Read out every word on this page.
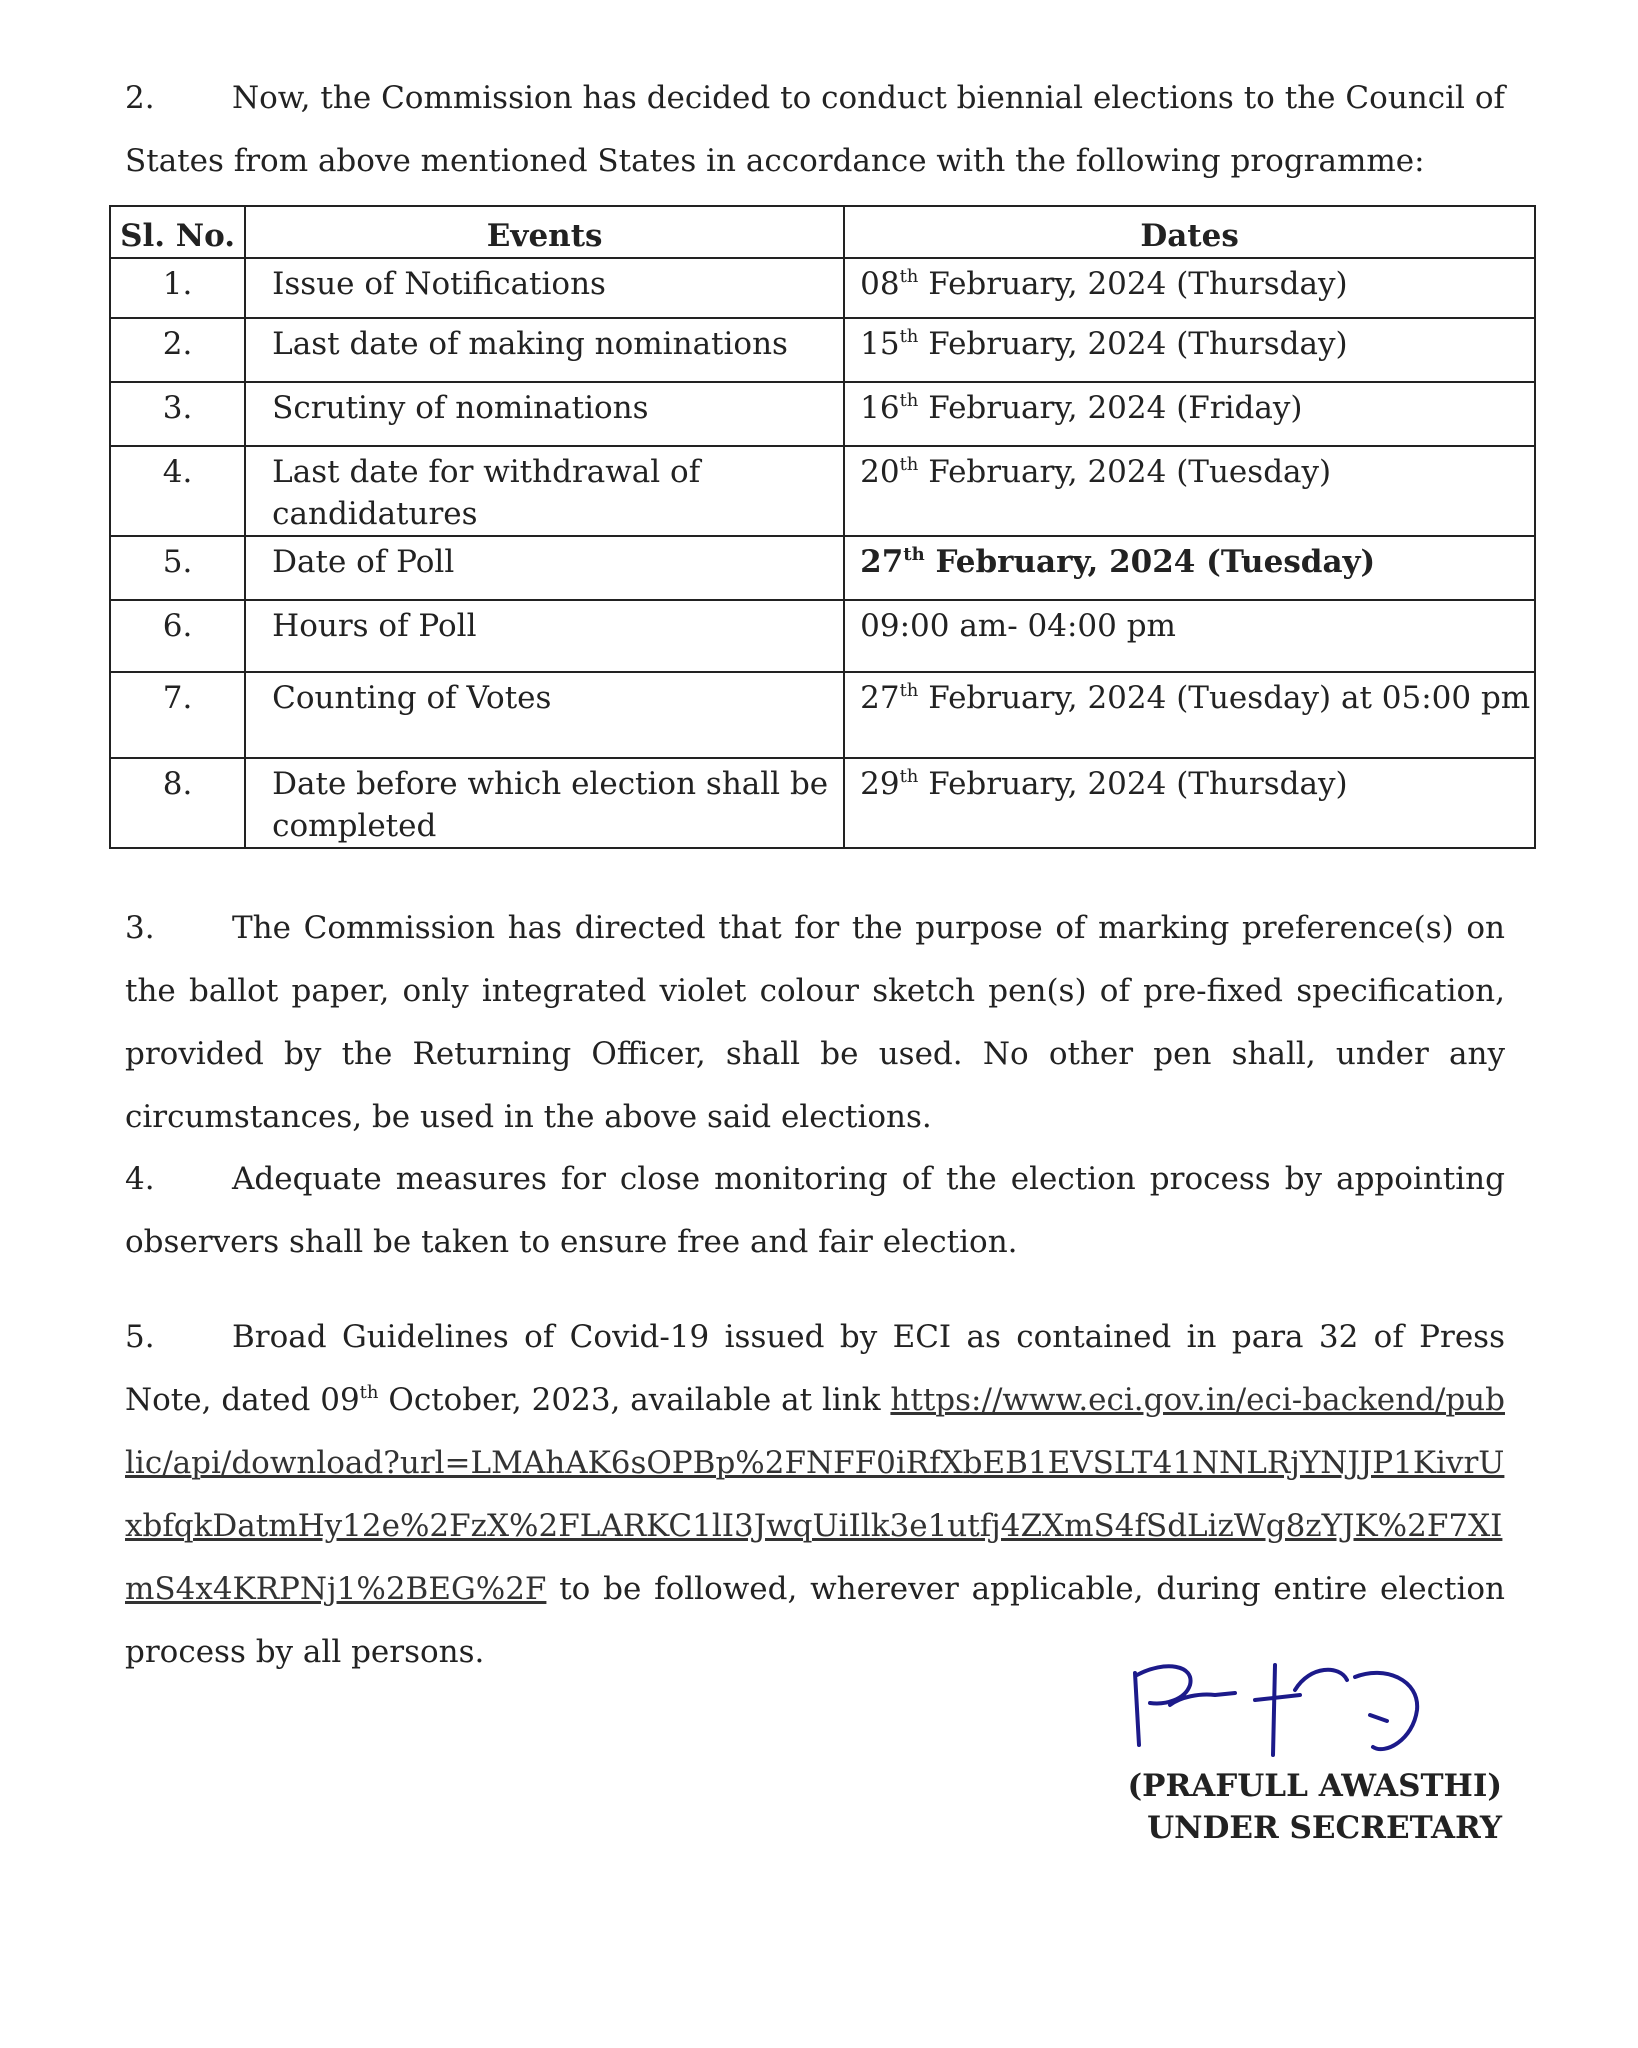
2. Now, the Commission has decided to conduct biennial elections to the Council of States from above mentioned States in accordance with the following programme:
Sl. No.	Events	Dates
1.	Issue of Notifications	08th February, 2024 (Thursday)
2.	Last date of making nominations	15th February, 2024 (Thursday)
3.	Scrutiny of nominations	16th February, 2024 (Friday)
4.	Last date for withdrawal of candidatures	20th February, 2024 (Tuesday)
5.	Date of Poll	27th February, 2024 (Tuesday)
6.	Hours of Poll	09:00 am- 04:00 pm
7.	Counting of Votes	27th February, 2024 (Tuesday) at 05:00 pm
8.	Date before which election shall be completed	29th February, 2024 (Thursday)
3. The Commission has directed that for the purpose of marking preference(s) on the ballot paper, only integrated violet colour sketch pen(s) of pre-fixed specification, provided by the Returning Officer, shall be used. No other pen shall, under any circumstances, be used in the above said elections.
4. Adequate measures for close monitoring of the election process by appointing observers shall be taken to ensure free and fair election.
5. Broad Guidelines of Covid-19 issued by ECI as contained in para 32 of Press Note, dated 09th October, 2023, available at link https://www.eci.gov.in/eci-backend/public/api/download?url=LMAhAK6sOPBp%2FNFF0iRfXbEB1EVSLT41NNLRjYNJJP1KivrUxbfqkDatmHy12e%2FzX%2FLARKC1lI3JwqUiIlk3e1utfj4ZXmS4fSdLizWg8zYJK%2F7XImS4x4KRPNj1%2BEG%2F to be followed, wherever applicable, during entire election process by all persons.
(PRAFULL AWASTHI)
UNDER SECRETARY
